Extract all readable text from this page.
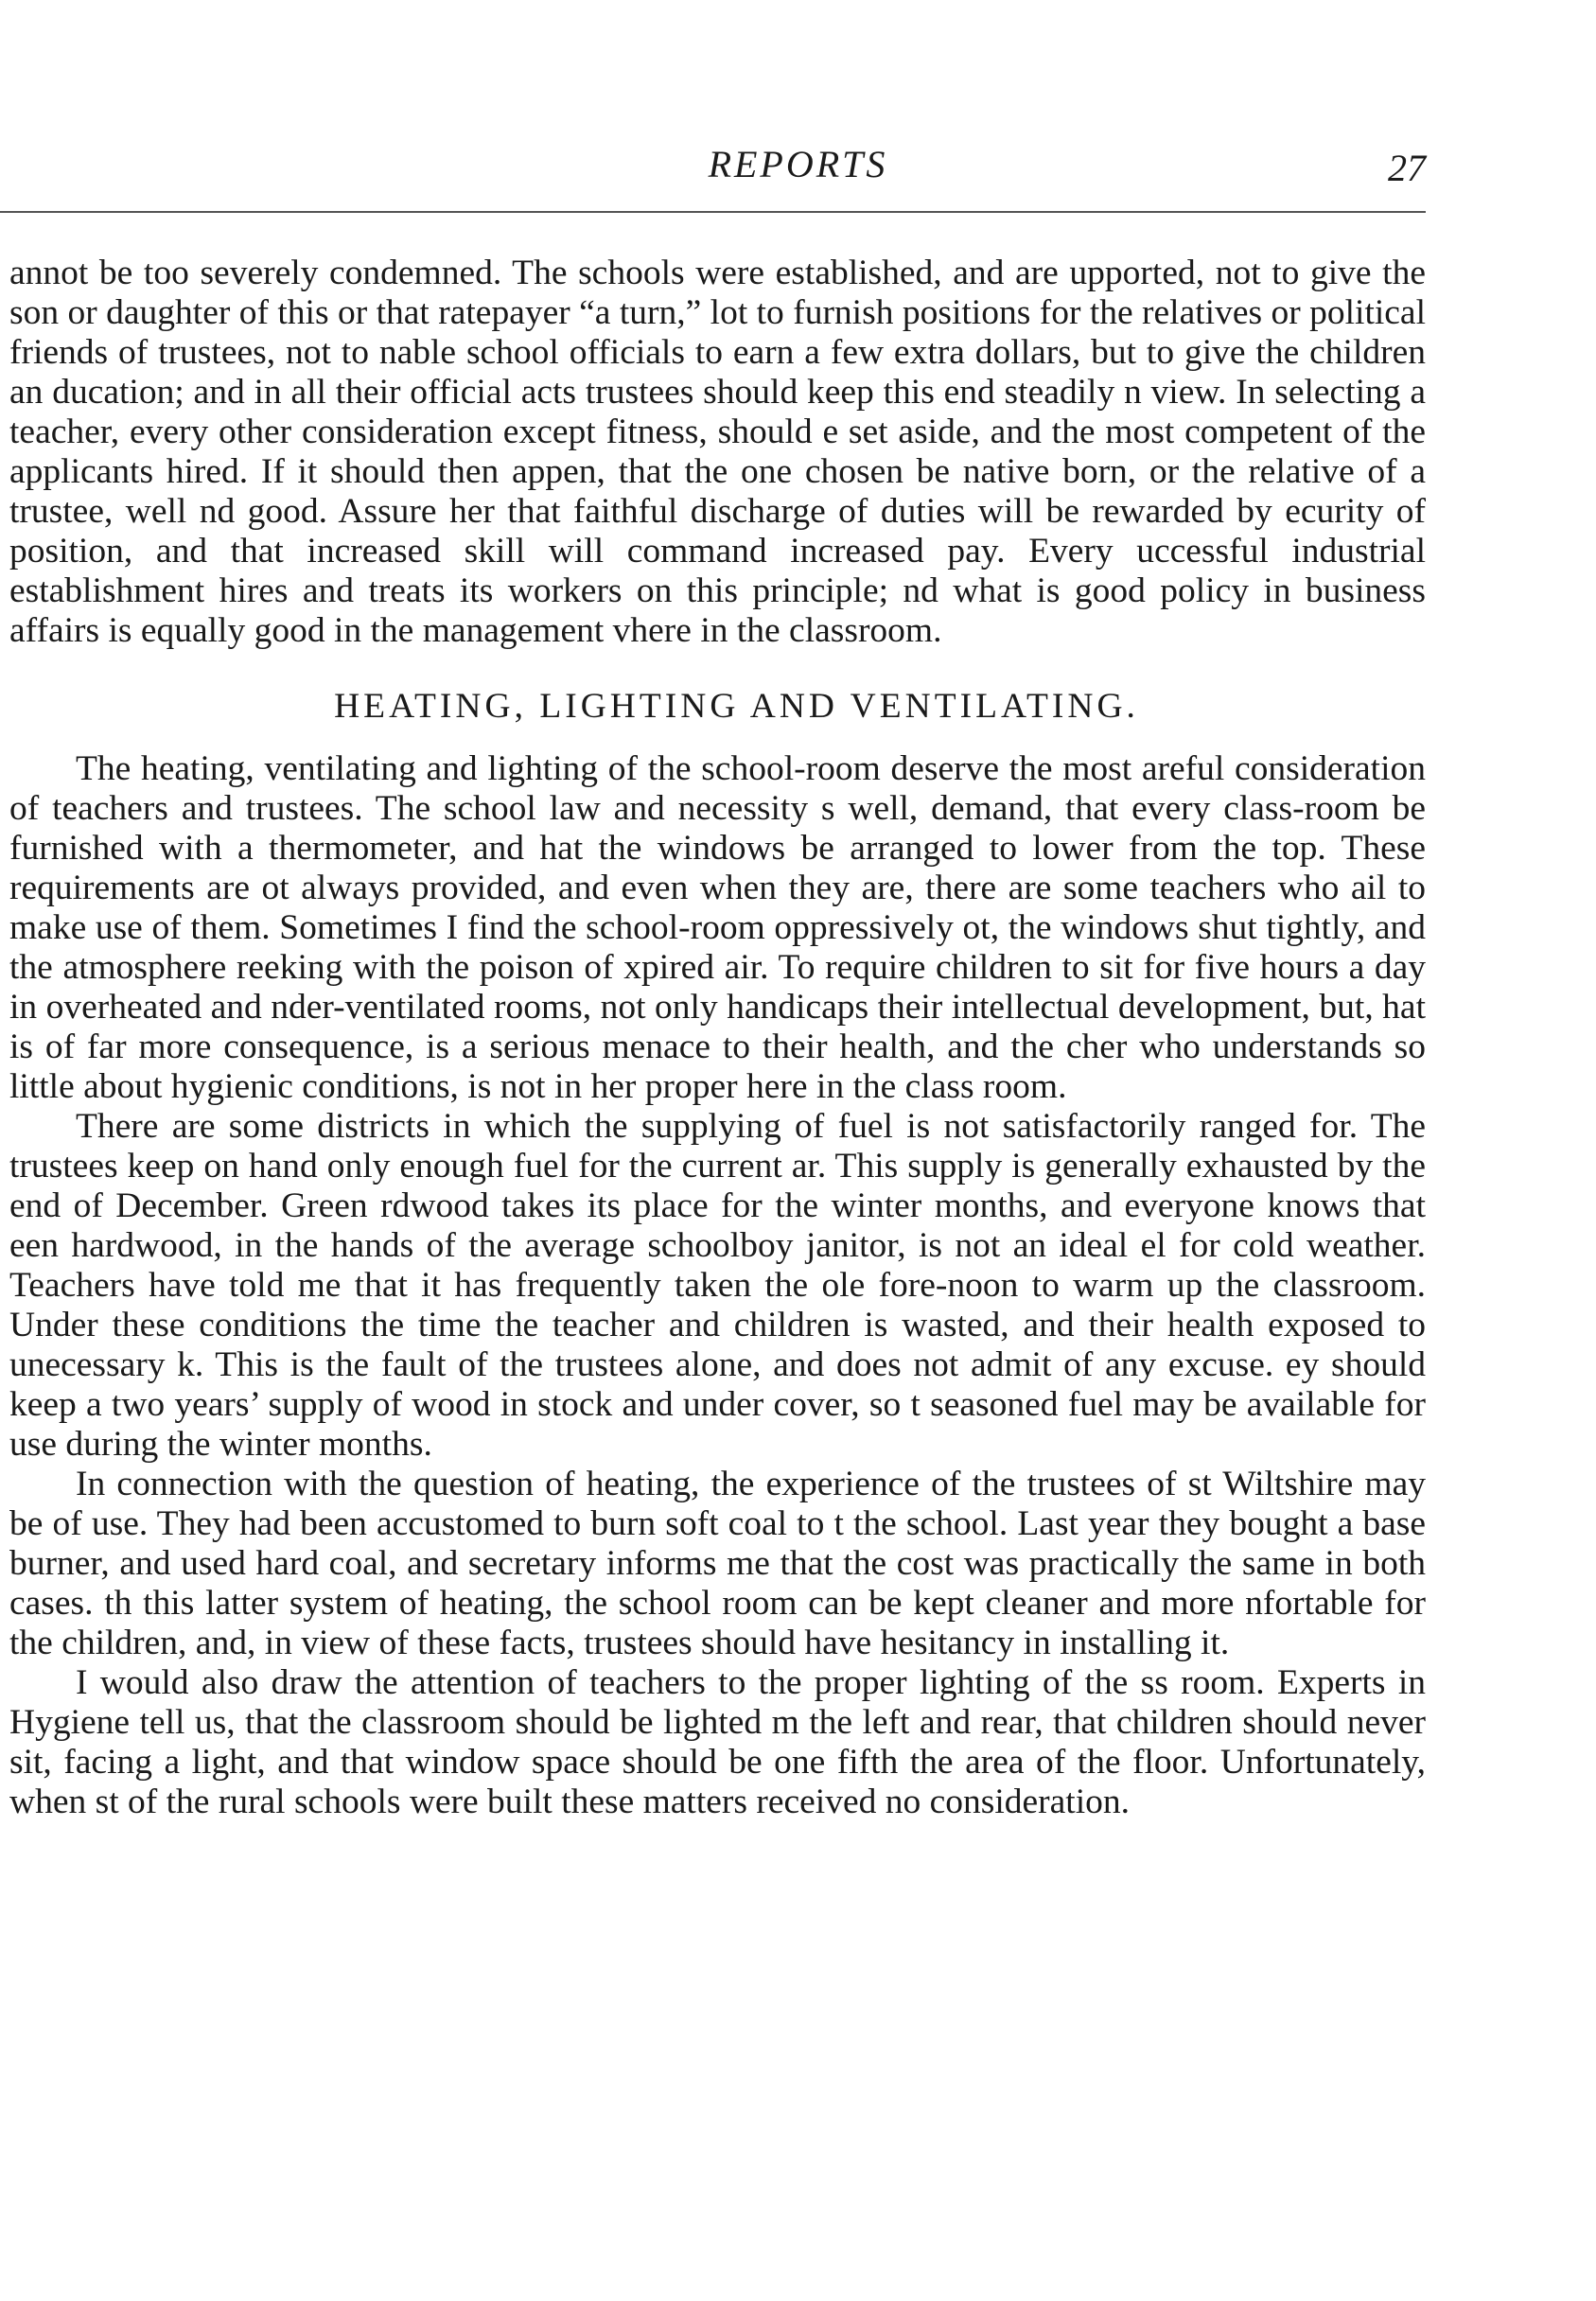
REPORTS	27

annot be too severely condemned. The schools were established, and are upported, not to give the son or daughter of this or that ratepayer “a turn,” lot to furnish positions for the relatives or political friends of trustees, not to nable school officials to earn a few extra dollars, but to give the children an ducation; and in all their official acts trustees should keep this end steadily n view. In selecting a teacher, every other consideration except fitness, should e set aside, and the most competent of the applicants hired. If it should then appen, that the one chosen be native born, or the relative of a trustee, well nd good. Assure her that faithful discharge of duties will be rewarded by ecurity of position, and that increased skill will command increased pay. Every uccessful industrial establishment hires and treats its workers on this principle; nd what is good policy in business affairs is equally good in the management vhere in the classroom.

HEATING, LIGHTING AND VENTILATING.

The heating, ventilating and lighting of the school-room deserve the most areful consideration of teachers and trustees. The school law and necessity s well, demand, that every class-room be furnished with a thermometer, and hat the windows be arranged to lower from the top. These requirements are ot always provided, and even when they are, there are some teachers who ail to make use of them. Sometimes I find the school-room oppressively ot, the windows shut tightly, and the atmosphere reeking with the poison of xpired air. To require children to sit for five hours a day in overheated and nder-ventilated rooms, not only handicaps their intellectual development, but, hat is of far more consequence, is a serious menace to their health, and the cher who understands so little about hygienic conditions, is not in her proper here in the class room.

There are some districts in which the supplying of fuel is not satisfactorily ranged for. The trustees keep on hand only enough fuel for the current ar. This supply is generally exhausted by the end of December. Green rdwood takes its place for the winter months, and everyone knows that een hardwood, in the hands of the average schoolboy janitor, is not an ideal el for cold weather. Teachers have told me that it has frequently taken the ole fore-noon to warm up the classroom. Under these conditions the time the teacher and children is wasted, and their health exposed to unecessary k. This is the fault of the trustees alone, and does not admit of any excuse. ey should keep a two years’ supply of wood in stock and under cover, so t seasoned fuel may be available for use during the winter months.

In connection with the question of heating, the experience of the trustees of st Wiltshire may be of use. They had been accustomed to burn soft coal to t the school. Last year they bought a base burner, and used hard coal, and secretary informs me that the cost was practically the same in both cases. th this latter system of heating, the school room can be kept cleaner and more nfortable for the children, and, in view of these facts, trustees should have hesitancy in installing it.

I would also draw the attention of teachers to the proper lighting of the ss room. Experts in Hygiene tell us, that the classroom should be lighted m the left and rear, that children should never sit, facing a light, and that window space should be one fifth the area of the floor. Unfortunately, when st of the rural schools were built these matters received no consideration.
